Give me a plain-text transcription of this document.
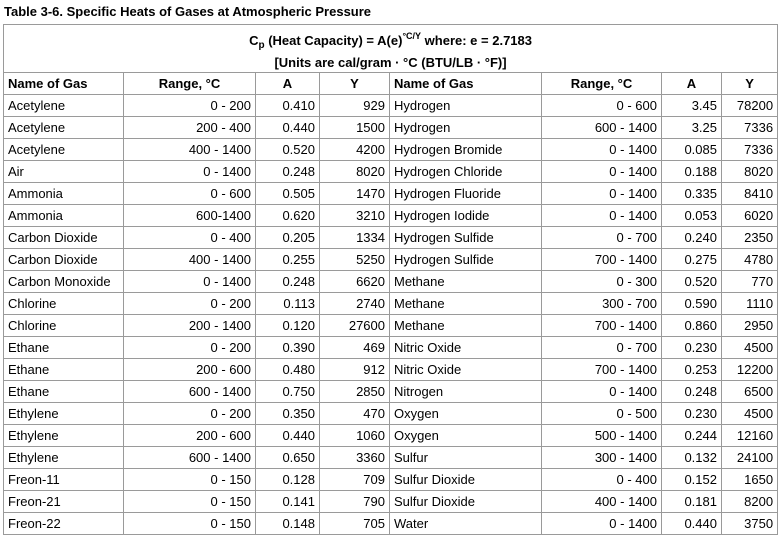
Table 3-6. Specific Heats of Gases at Atmospheric Pressure
$C_p$ (Heat Capacity) = $A(e)^{^\circ C/Y}$ where: e = 2.7183
[Units are cal/gram · °C (BTU/LB · °F)]							

Name of Gas	Range, °C	A	Y	Name of Gas	Range, °C	A	Y
Acetylene	0 - 200	0.410	929	Hydrogen	0 - 600	3.45	78200
Acetylene	200 - 400	0.440	1500	Hydrogen	600 - 1400	3.25	7336
Acetylene	400 - 1400	0.520	4200	Hydrogen Bromide	0 - 1400	0.085	7336
Air	0 - 1400	0.248	8020	Hydrogen Chloride	0 - 1400	0.188	8020
Ammonia	0 - 600	0.505	1470	Hydrogen Fluoride	0 - 1400	0.335	8410
Ammonia	600-1400	0.620	3210	Hydrogen Iodide	0 - 1400	0.053	6020
Carbon Dioxide	0 - 400	0.205	1334	Hydrogen Sulfide	0 - 700	0.240	2350
Carbon Dioxide	400 - 1400	0.255	5250	Hydrogen Sulfide	700 - 1400	0.275	4780
Carbon Monoxide	0 - 1400	0.248	6620	Methane	0 - 300	0.520	770
Chlorine	0 - 200	0.113	2740	Methane	300 - 700	0.590	1110
Chlorine	200 - 1400	0.120	27600	Methane	700 - 1400	0.860	2950
Ethane	0 - 200	0.390	469	Nitric Oxide	0 - 700	0.230	4500
Ethane	200 - 600	0.480	912	Nitric Oxide	700 - 1400	0.253	12200
Ethane	600 - 1400	0.750	2850	Nitrogen	0 - 1400	0.248	6500
Ethylene	0 - 200	0.350	470	Oxygen	0 - 500	0.230	4500
Ethylene	200 - 600	0.440	1060	Oxygen	500 - 1400	0.244	12160
Ethylene	600 - 1400	0.650	3360	Sulfur	300 - 1400	0.132	24100
Freon-11	0 - 150	0.128	709	Sulfur Dioxide	0 - 400	0.152	1650
Freon-21	0 - 150	0.141	790	Sulfur Dioxide	400 - 1400	0.181	8200
Freon-22	0 - 150	0.148	705	Water	0 - 1400	0.440	3750
